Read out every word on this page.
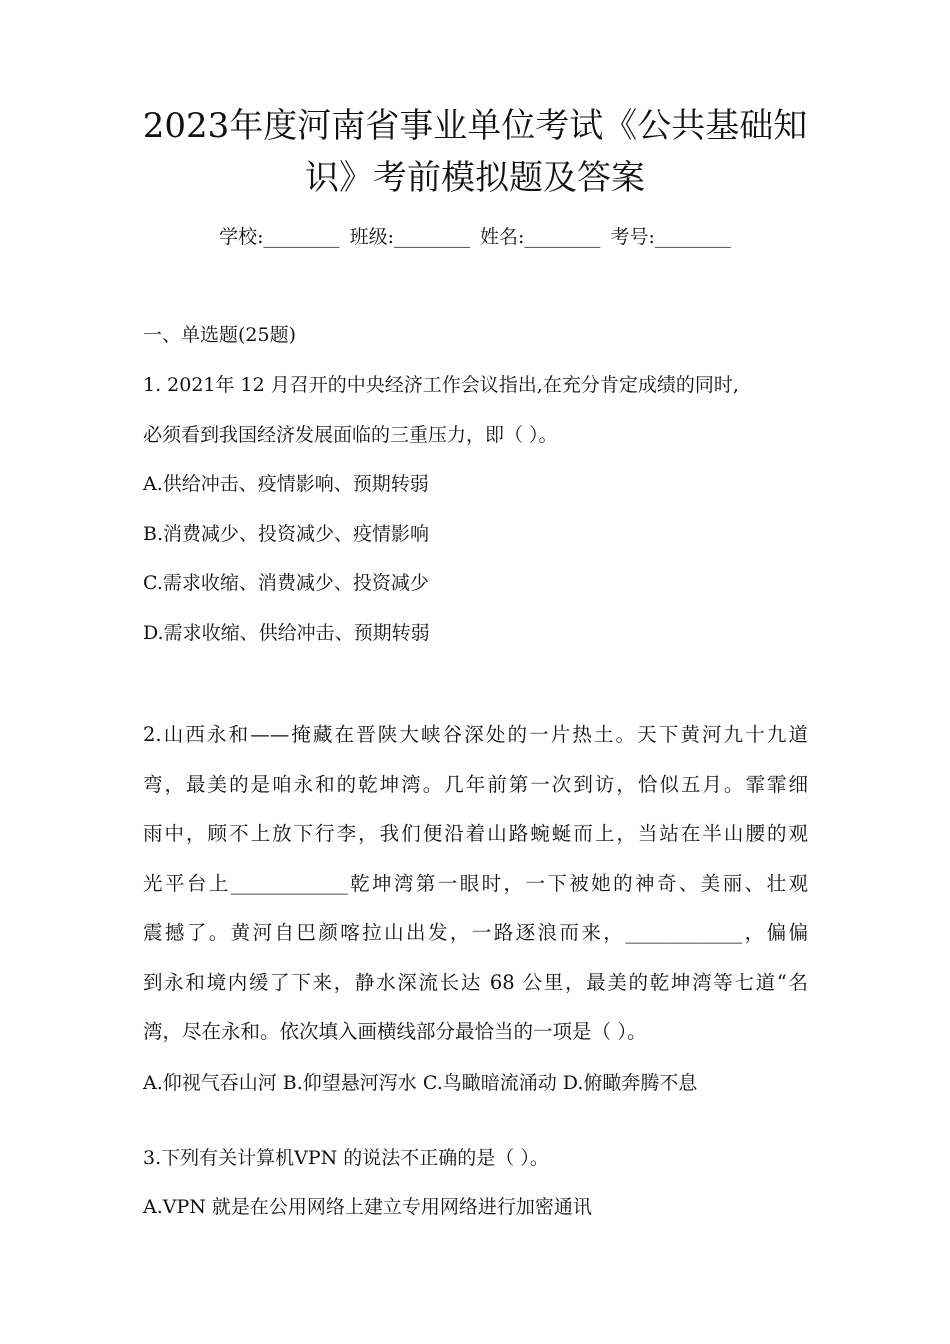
2023年度河南省事业单位考试《公共基础知
识》考前模拟题及答案
学校:________ 班级:________ 姓名:________ 考号:________
一、单选题(25题)
1. 2021年 12 月召开的中央经济工作会议指出,在充分肯定成绩的同时,
必须看到我国经济发展面临的三重压力，即（ ）。
A.供给冲击、疫情影响、预期转弱
B.消费减少、投资减少、疫情影响
C.需求收缩、消费减少、投资减少
D.需求收缩、供给冲击、预期转弱
2.山西永和——掩藏在晋陕大峡谷深处的一片热土。天下黄河九十九道
弯，最美的是咱永和的乾坤湾。几年前第一次到访，恰似五月。霏霏细
雨中，顾不上放下行李，我们便沿着山路蜿蜒而上，当站在半山腰的观
光平台上____________乾坤湾第一眼时，一下被她的神奇、美丽、壮观
震撼了。黄河自巴颜喀拉山出发，一路逐浪而来，____________，偏偏
到永和境内缓了下来，静水深流长达 68 公里，最美的乾坤湾等七道“名
湾，尽在永和。依次填入画横线部分最恰当的一项是（ ）。
A.仰视气吞山河 B.仰望悬河泻水 C.鸟瞰暗流涌动 D.俯瞰奔腾不息
3.下列有关计算机VPN 的说法不正确的是（ ）。
A.VPN 就是在公用网络上建立专用网络进行加密通讯
